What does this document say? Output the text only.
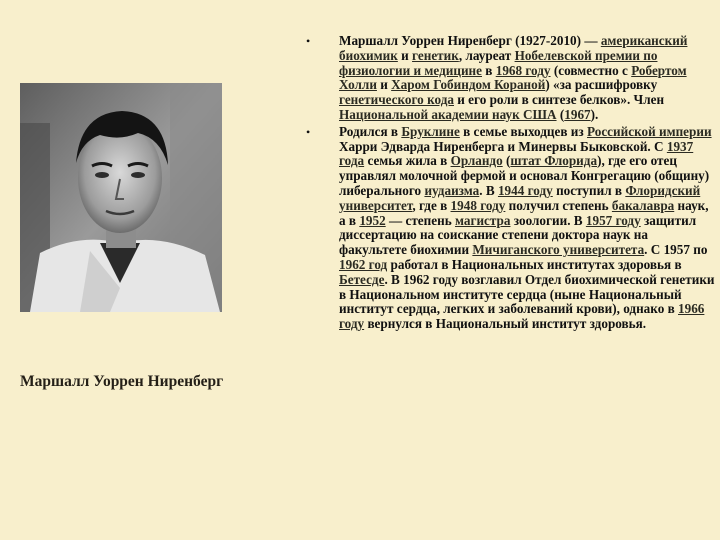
Маршалл Уоррен Ниренберг
• Маршалл Уоррен Ниренберг (1927-2010) — американский биохимик и генетик, лауреат Нобелевской премии по физиологии и медицине в 1968 году (совместно с Робертом Холли и Харом Гобиндом Кораной) «за расшифровку генетического кода и его роли в синтезе белков». Член Национальной академии наук США (1967).
• Родился в Бруклине в семье выходцев из Российской империи Харри Эдварда Ниренберга и Минервы Быковской. С 1937 года семья жила в Орландо (штат Флорида), где его отец управлял молочной фермой и основал Конгрегацию (общину) либерального иудаизма. В 1944 году поступил в Флоридский университет, где в 1948 году получил степень бакалавра наук, а в 1952 — степень магистра зоологии. В 1957 году защитил диссертацию на соискание степени доктора наук на факультете биохимии Мичиганского университета. С 1957 по 1962 год работал в Национальных институтах здоровья в Бетесде. В 1962 году возглавил Отдел биохимической генетики в Национальном институте сердца (ныне Национальный институт сердца, легких и заболеваний крови), однако в 1966 году вернулся в Национальный институт здоровья.
